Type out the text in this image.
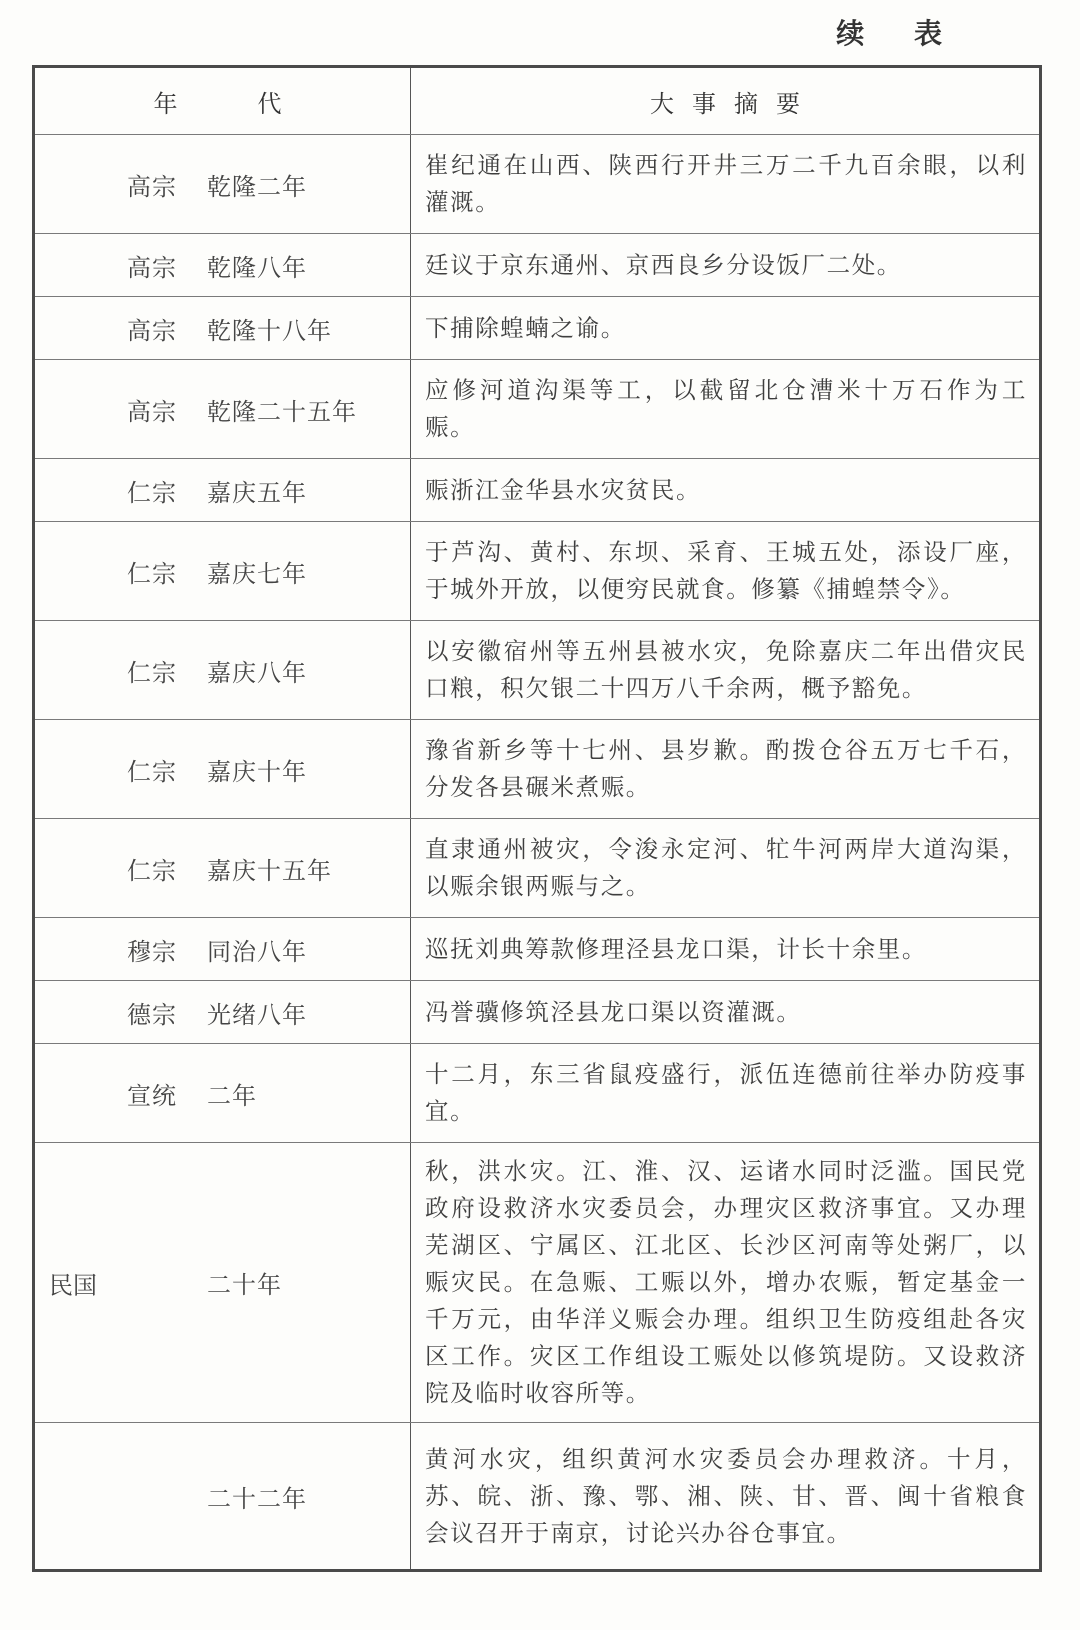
续 表
年代	大事摘要

高宗 乾隆二年	崔纪通在山西、陕西行开井三万二千九百余眼，以利灌溉。

高宗 乾隆八年	廷议于京东通州、京西良乡分设饭厂二处。

高宗 乾隆十八年	下捕除蝗蝻之谕。

高宗 乾隆二十五年	应修河道沟渠等工，以截留北仓漕米十万石作为工赈。

仁宗 嘉庆五年	赈浙江金华县水灾贫民。

仁宗 嘉庆七年	于芦沟、黄村、东坝、采育、王城五处，添设厂座，于城外开放，以便穷民就食。修纂《捕蝗禁令》。

仁宗 嘉庆八年	以安徽宿州等五州县被水灾，免除嘉庆二年出借灾民口粮，积欠银二十四万八千余两，概予豁免。

仁宗 嘉庆十年	豫省新乡等十七州、县岁歉。酌拨仓谷五万七千石，分发各县碾米煮赈。

仁宗 嘉庆十五年	直隶通州被灾，令浚永定河、牤牛河两岸大道沟渠，以赈余银两赈与之。

穆宗 同治八年	巡抚刘典筹款修理泾县龙口渠，计长十余里。

德宗 光绪八年	冯誉骥修筑泾县龙口渠以资灌溉。

宣统 二年	十二月，东三省鼠疫盛行，派伍连德前往举办防疫事宜。

民国 二十年	秋，洪水灾。江、淮、汉、运诸水同时泛滥。国民党政府设救济水灾委员会，办理灾区救济事宜。又办理芜湖区、宁属区、江北区、长沙区河南等处粥厂，以赈灾民。在急赈、工赈以外，增办农赈，暂定基金一千万元，由华洋义赈会办理。组织卫生防疫组赴各灾区工作。灾区工作组设工赈处以修筑堤防。又设救济院及临时收容所等。

二十二年	黄河水灾，组织黄河水灾委员会办理救济。十月，苏、皖、浙、豫、鄂、湘、陕、甘、晋、闽十省粮食会议召开于南京，讨论兴办谷仓事宜。
